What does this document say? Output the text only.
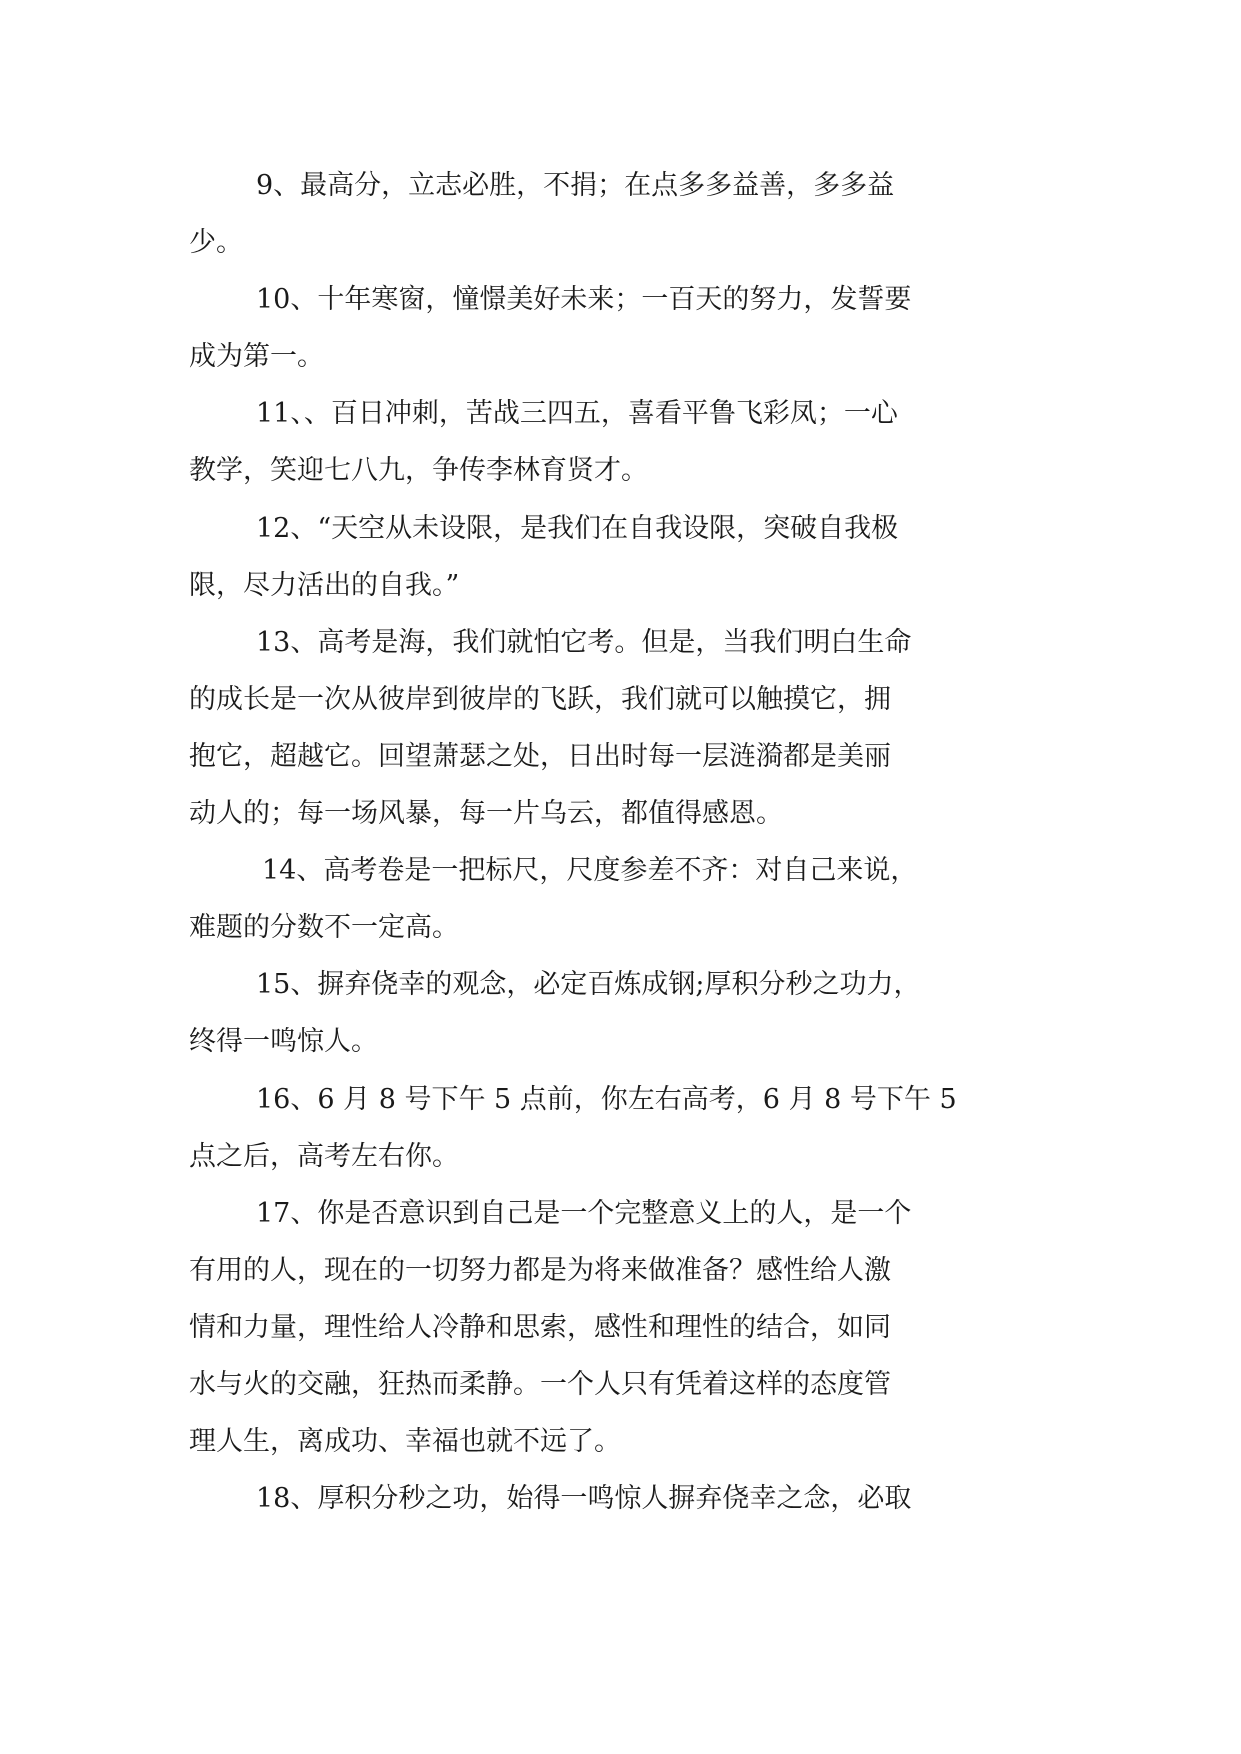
9、最高分，立志必胜，不捐；在点多多益善，多多益
少。
10、十年寒窗，憧憬美好未来；一百天的努力，发誓要
成为第一。
11、、百日冲刺，苦战三四五，喜看平鲁飞彩凤；一心
教学，笑迎七八九，争传李林育贤才。
12、“天空从未设限，是我们在自我设限，突破自我极
限，尽力活出的自我。”
13、高考是海，我们就怕它考。但是，当我们明白生命
的成长是一次从彼岸到彼岸的飞跃，我们就可以触摸它，拥
抱它，超越它。回望萧瑟之处，日出时每一层涟漪都是美丽
动人的；每一场风暴，每一片乌云，都值得感恩。
14、高考卷是一把标尺，尺度参差不齐：对自己来说，
难题的分数不一定高。
15、摒弃侥幸的观念，必定百炼成钢;厚积分秒之功力，
终得一鸣惊人。
16、6 月 8 号下午 5 点前，你左右高考，6 月 8 号下午 5
点之后，高考左右你。
17、你是否意识到自己是一个完整意义上的人，是一个
有用的人，现在的一切努力都是为将来做准备？感性给人激
情和力量，理性给人冷静和思索，感性和理性的结合，如同
水与火的交融，狂热而柔静。一个人只有凭着这样的态度管
理人生，离成功、幸福也就不远了。
18、厚积分秒之功，始得一鸣惊人摒弃侥幸之念，必取
